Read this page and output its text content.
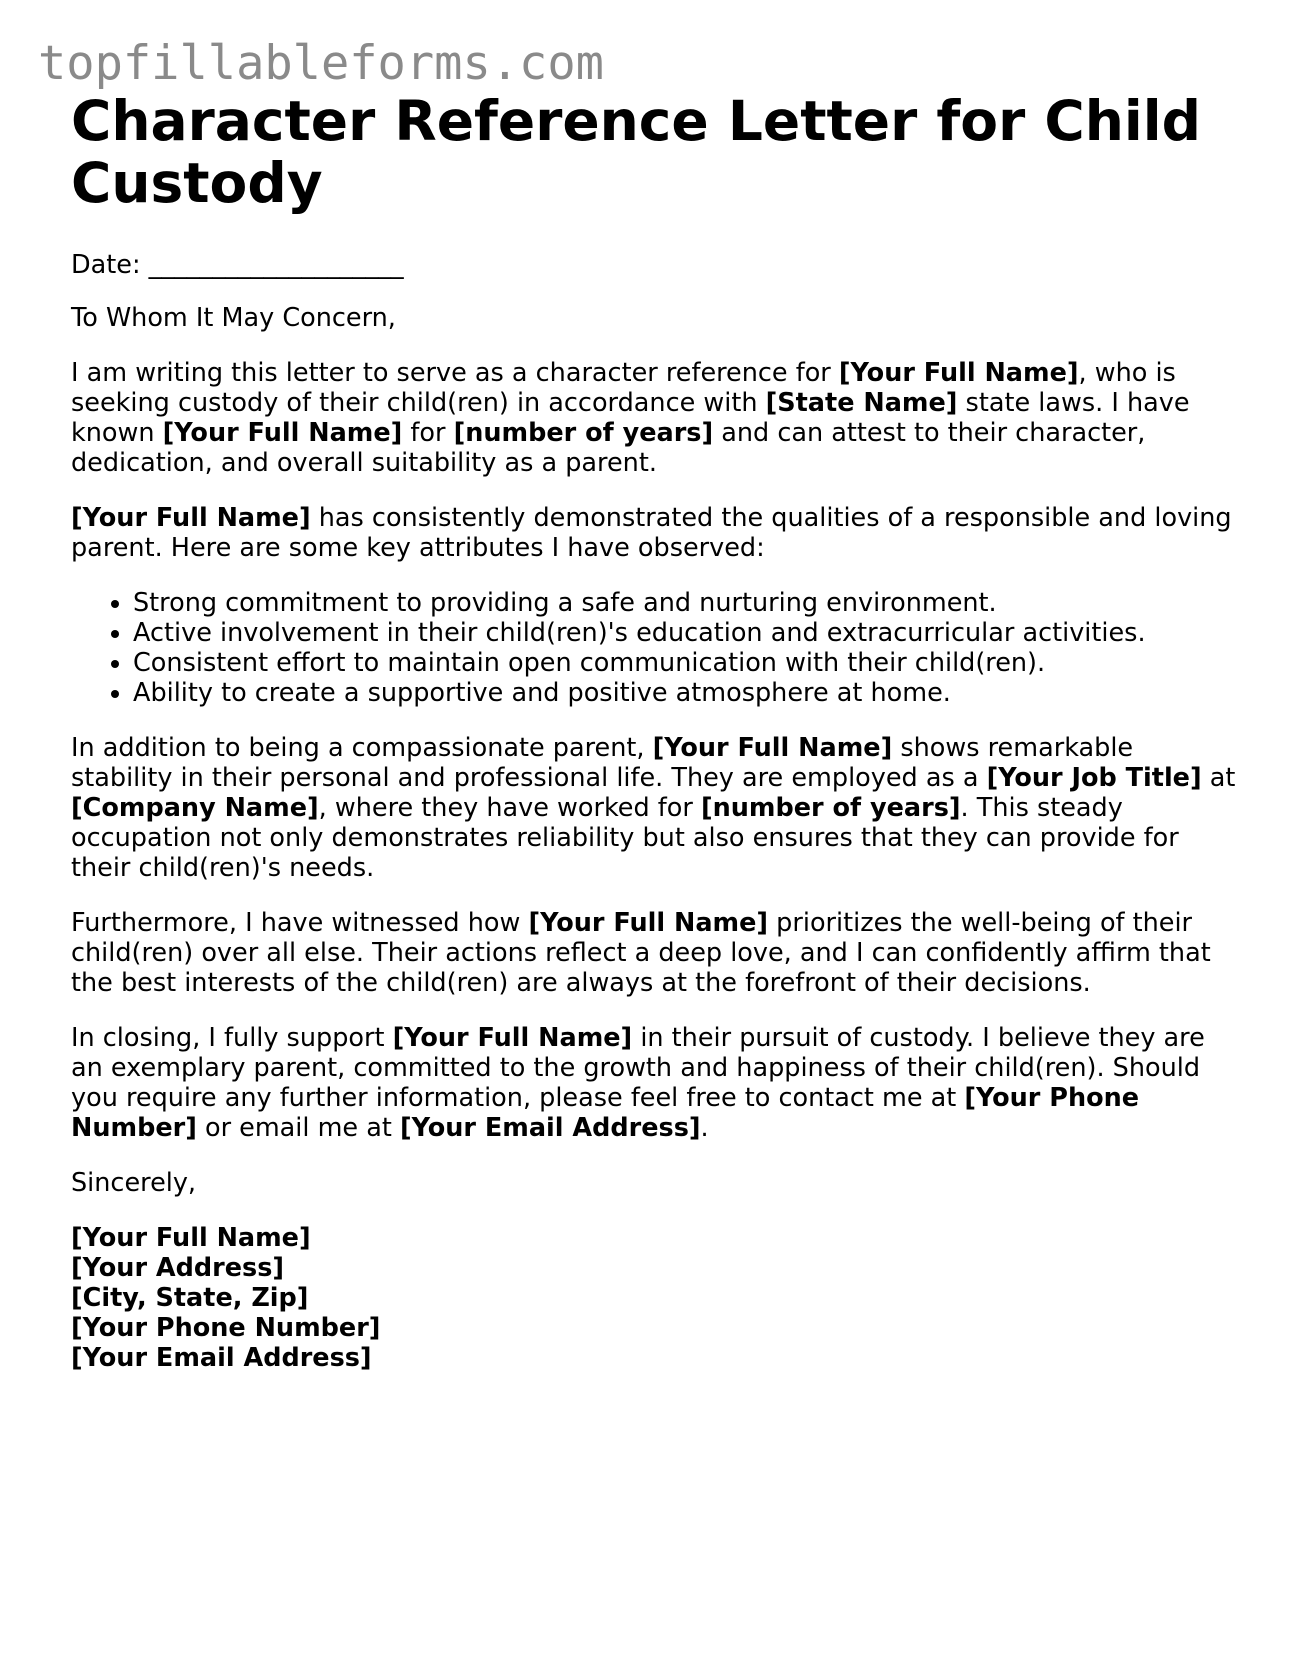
topfillableforms.com
Character Reference Letter for Child Custody

Date: ____________________

To Whom It May Concern,

I am writing this letter to serve as a character reference for [Your Full Name], who is seeking custody of their child(ren) in accordance with [State Name] state laws. I have known [Your Full Name] for [number of years] and can attest to their character, dedication, and overall suitability as a parent.

[Your Full Name] has consistently demonstrated the qualities of a responsible and loving parent. Here are some key attributes I have observed:

• Strong commitment to providing a safe and nurturing environment.
• Active involvement in their child(ren)'s education and extracurricular activities.
• Consistent effort to maintain open communication with their child(ren).
• Ability to create a supportive and positive atmosphere at home.

In addition to being a compassionate parent, [Your Full Name] shows remarkable stability in their personal and professional life. They are employed as a [Your Job Title] at [Company Name], where they have worked for [number of years]. This steady occupation not only demonstrates reliability but also ensures that they can provide for their child(ren)'s needs.

Furthermore, I have witnessed how [Your Full Name] prioritizes the well-being of their child(ren) over all else. Their actions reflect a deep love, and I can confidently affirm that the best interests of the child(ren) are always at the forefront of their decisions.

In closing, I fully support [Your Full Name] in their pursuit of custody. I believe they are an exemplary parent, committed to the growth and happiness of their child(ren). Should you require any further information, please feel free to contact me at [Your Phone Number] or email me at [Your Email Address].

Sincerely,

[Your Full Name]

[Your Address]

[City, State, Zip]

[Your Phone Number]

[Your Email Address]
